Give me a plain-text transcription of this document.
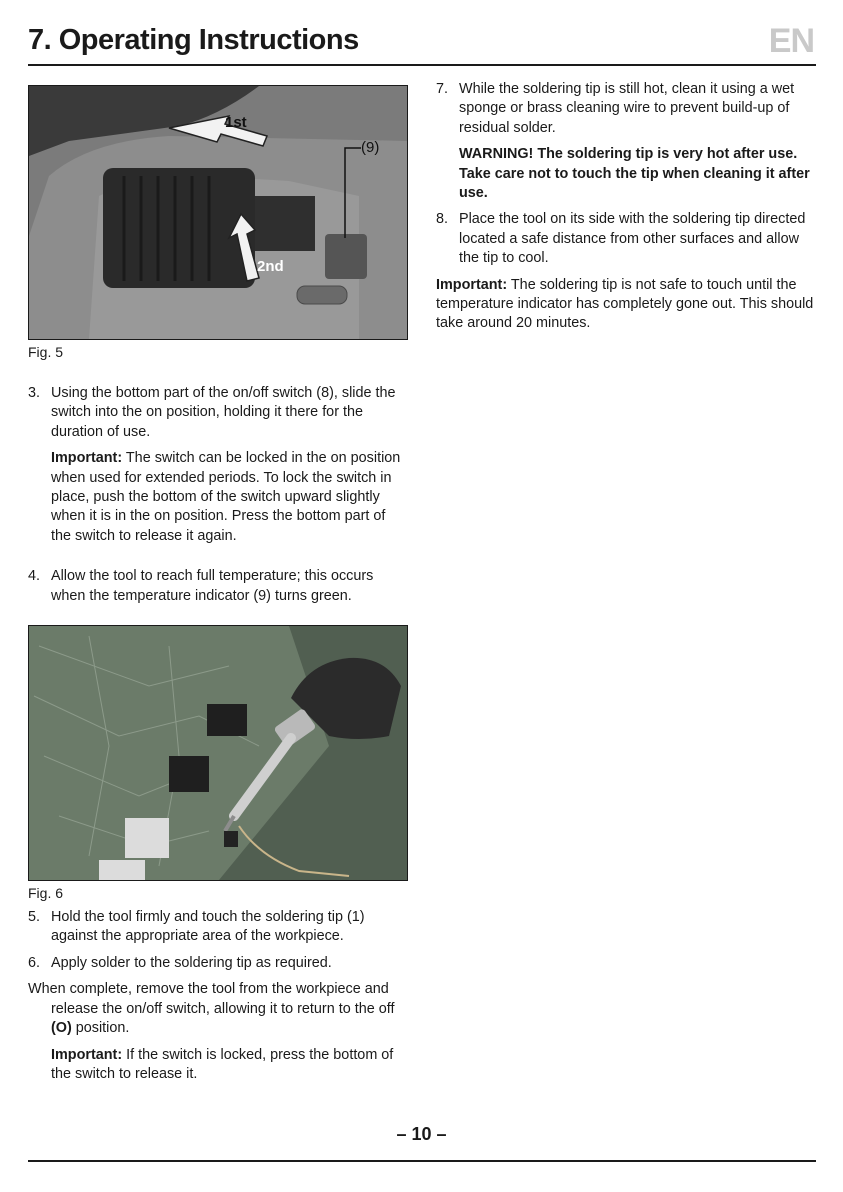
7. Operating Instructions	EN
1st
2nd
(9)
Fig. 5

3. Using the bottom part of the on/off switch (8), slide the switch into the on position, holding it there for the duration of use.

Important: The switch can be locked in the on position when used for extended periods. To lock the switch in place, push the bottom of the switch upward slightly when it is in the on position. Press the bottom part of the switch to release it again.

4. Allow the tool to reach full temperature; this occurs when the temperature indicator (9) turns green.

Fig. 6

5. Hold the tool firmly and touch the soldering tip (1) against the appropriate area of the workpiece.

6. Apply solder to the soldering tip as required.

When complete, remove the tool from the workpiece and release the on/off switch, allowing it to return to the off (O) position.

Important: If the switch is locked, press the bottom of the switch to release it.

7. While the soldering tip is still hot, clean it using a wet sponge or brass cleaning wire to prevent build-up of residual solder.

WARNING! The soldering tip is very hot after use. Take care not to touch the tip when cleaning it after use.

8. Place the tool on its side with the soldering tip directed located a safe distance from other surfaces and allow the tip to cool.

Important: The soldering tip is not safe to touch until the temperature indicator has completely gone out. This should take around 20 minutes.

– 10 –
